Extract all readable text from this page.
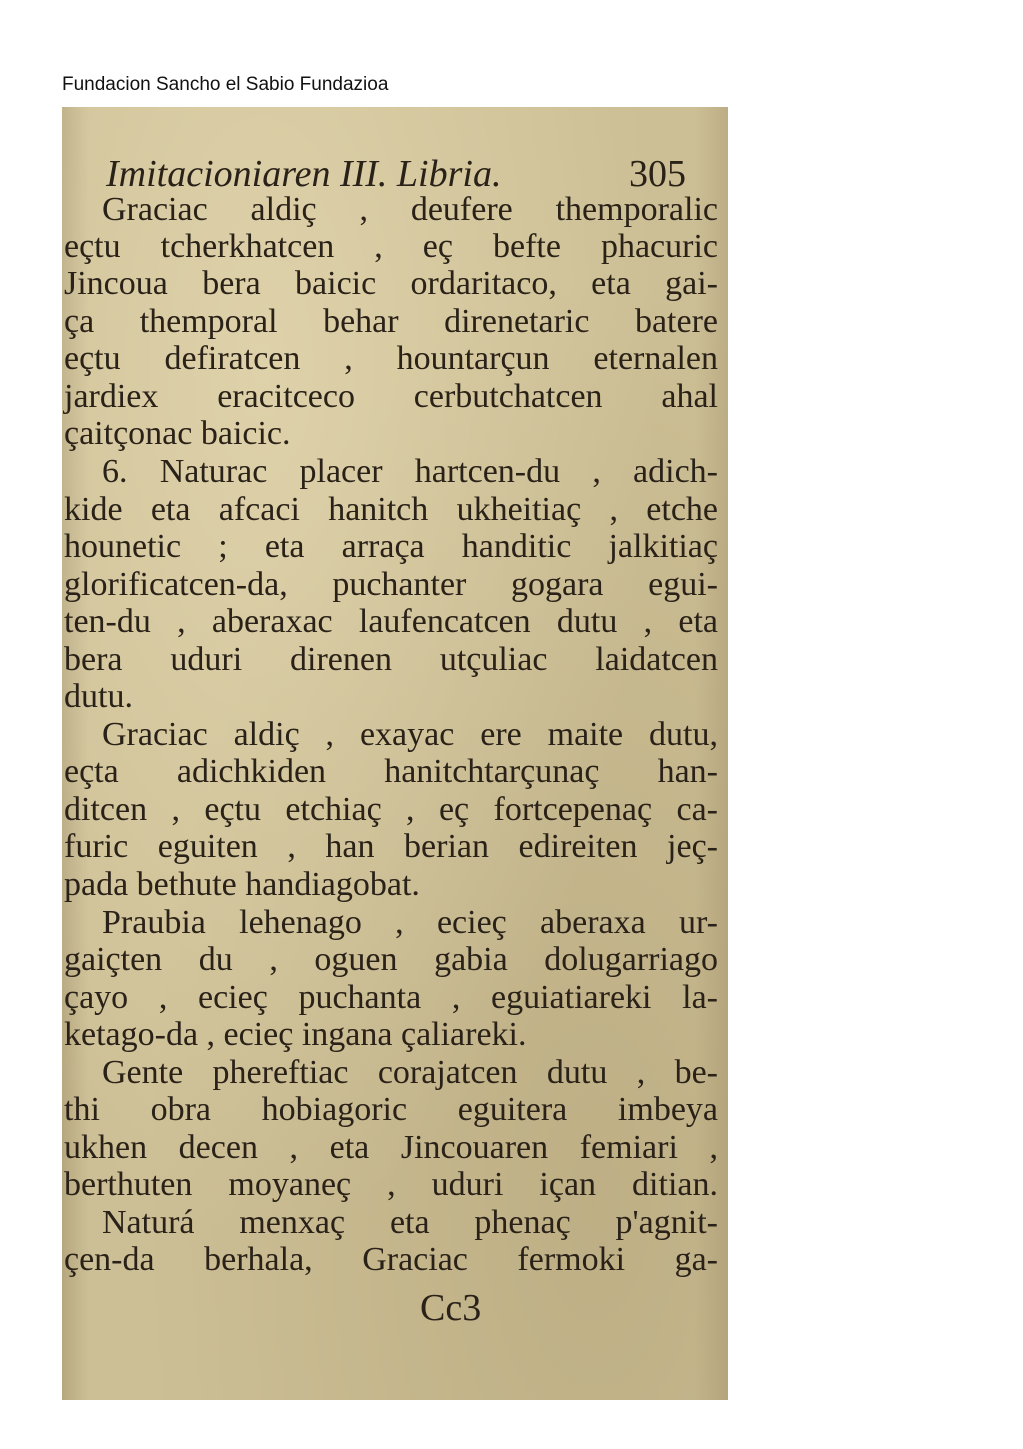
Fundacion Sancho el Sabio Fundazioa
Imitacioniaren III. Libria.	305
Graciac aldiç , deufere themporalic
eçtu tcherkhatcen , eç befte phacuric
Jincoua bera baicic ordaritaco, eta gai-
ça themporal behar direnetaric batere
eçtu defiratcen , hountarçun eternalen
jardiex eracitceco cerbutchatcen ahal
çaitçonac baicic.
6. Naturac placer hartcen-du , adich-
kide eta afcaci hanitch ukheitiaç , etche
hounetic ; eta arraça handitic jalkitiaç
glorificatcen-da, puchanter gogara egui-
ten-du , aberaxac laufencatcen dutu , eta
bera uduri direnen utçuliac laidatcen
dutu.
Graciac aldiç , exayac ere maite dutu,
eçta adichkiden hanitchtarçunaç han-
ditcen , eçtu etchiaç , eç fortcepenaç ca-
furic eguiten , han berian edireiten jeç-
pada bethute handiagobat.
Praubia lehenago , ecieç aberaxa ur-
gaiçten du , oguen gabia dolugarriago
çayo , ecieç puchanta , eguiatiareki la-
ketago-da , ecieç ingana çaliareki.
Gente phereftiac corajatcen dutu , be-
thi obra hobiagoric eguitera imbeya
ukhen decen , eta Jincouaren femiari ,
berthuten moyaneç , uduri içan ditian.
Naturá menxaç eta phenaç p'agnit-
çen-da berhala, Graciac fermoki ga-
Cc3
